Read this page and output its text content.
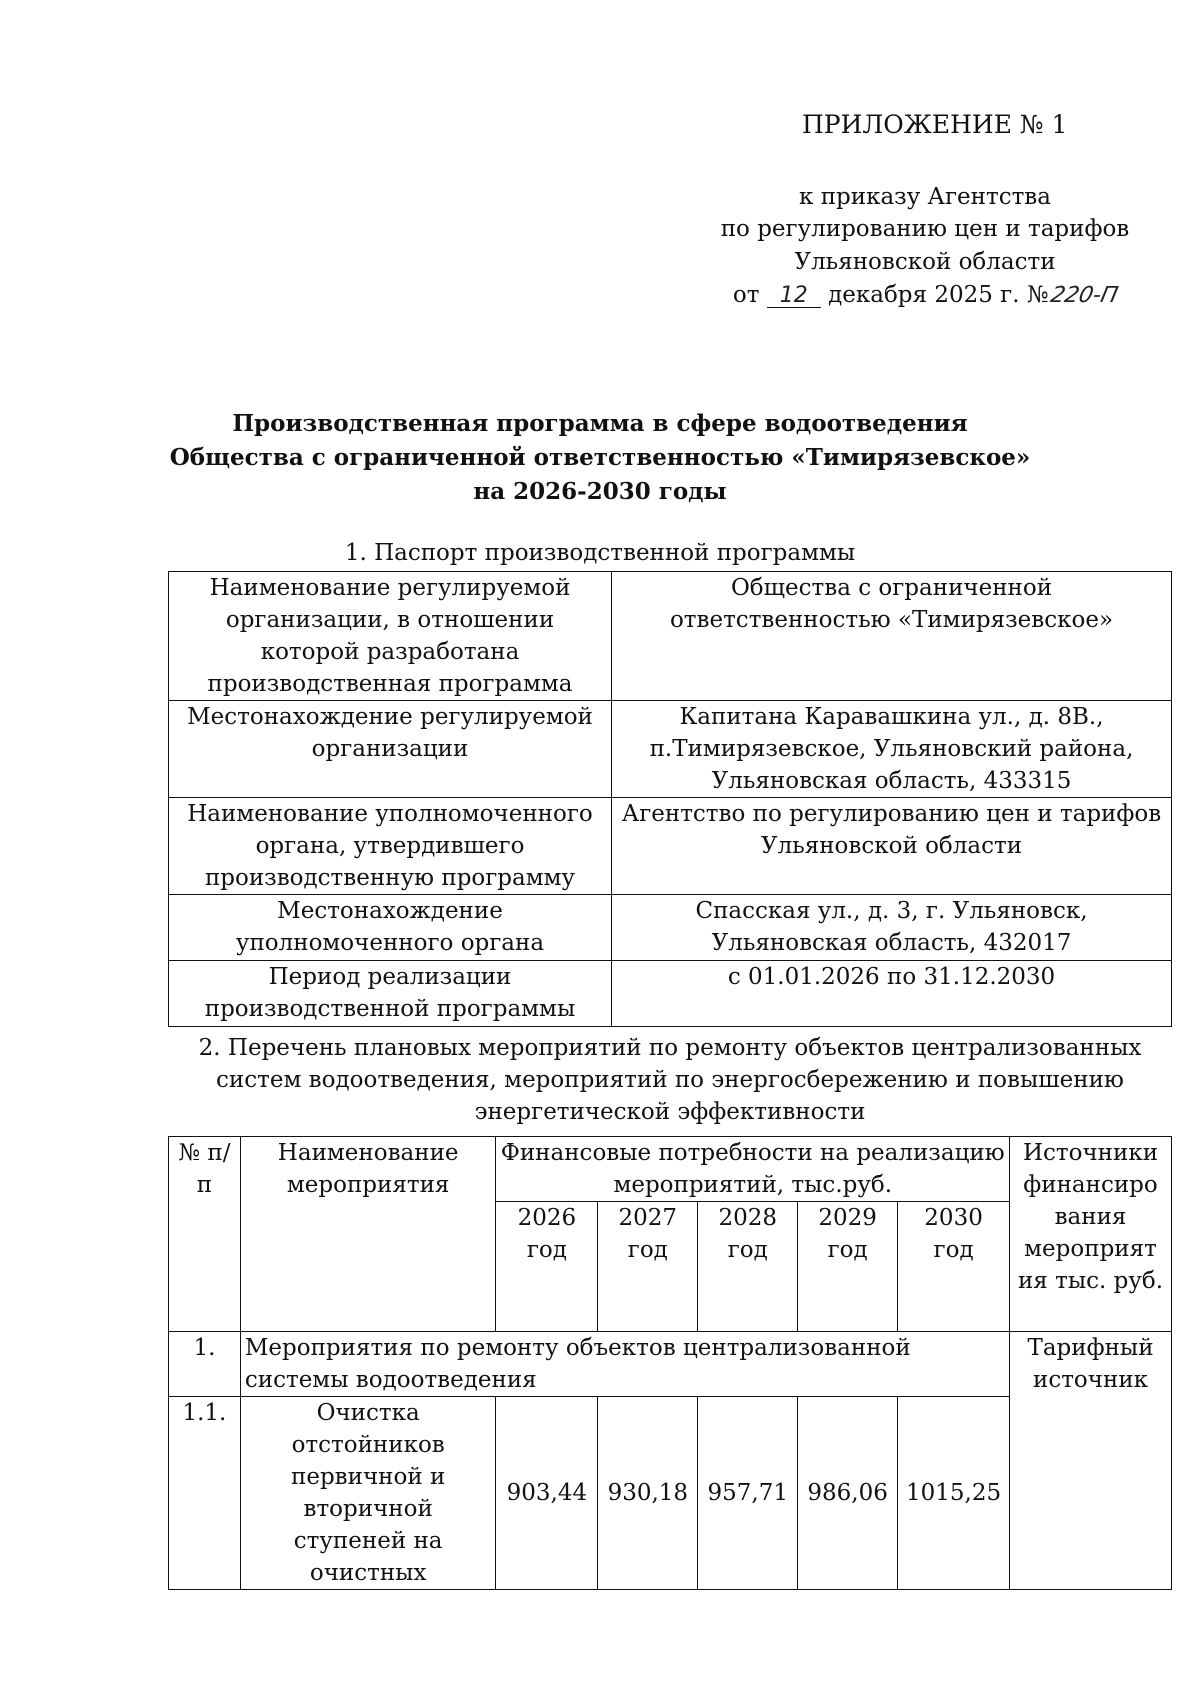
ПРИЛОЖЕНИЕ № 1
к приказу Агентства
по регулированию цен и тарифов
Ульяновской области
от 12 декабря 2025 г. №220-П
Производственная программа в сфере водоотведения
Общества с ограниченной ответственностью «Тимирязевское»
на 2026-2030 годы
1. Паспорт производственной программы
Наименование регулируемой организации, в отношении которой разработана производственная программа	Общества с ограниченной ответственностью «Тимирязевское»
Местонахождение регулируемой организации	Капитана Каравашкина ул., д. 8В., п.Тимирязевское, Ульяновский района, Ульяновская область, 433315
Наименование уполномоченного органа, утвердившего производственную программу	Агентство по регулированию цен и тарифов Ульяновской области
Местонахождение уполномоченного органа	Спасская ул., д. 3, г. Ульяновск, Ульяновская область, 432017
Период реализации производственной программы	с 01.01.2026 по 31.12.2030
2. Перечень плановых мероприятий по ремонту объектов централизованных систем водоотведения, мероприятий по энергосбережению и повышению энергетической эффективности
№ п/п	Наименование мероприятия	Финансовые потребности на реализацию мероприятий, тыс.руб.					Источники финансиро вания мероприят ия тыс. руб.
		2026 год	2027 год	2028 год	2029 год	2030 год	
1.	Мероприятия по ремонту объектов централизованной системы водоотведения						Тарифный источник
1.1.	Очистка отстойников первичной и вторичной ступеней на очистных	903,44	930,18	957,71	986,06	1015,25	
